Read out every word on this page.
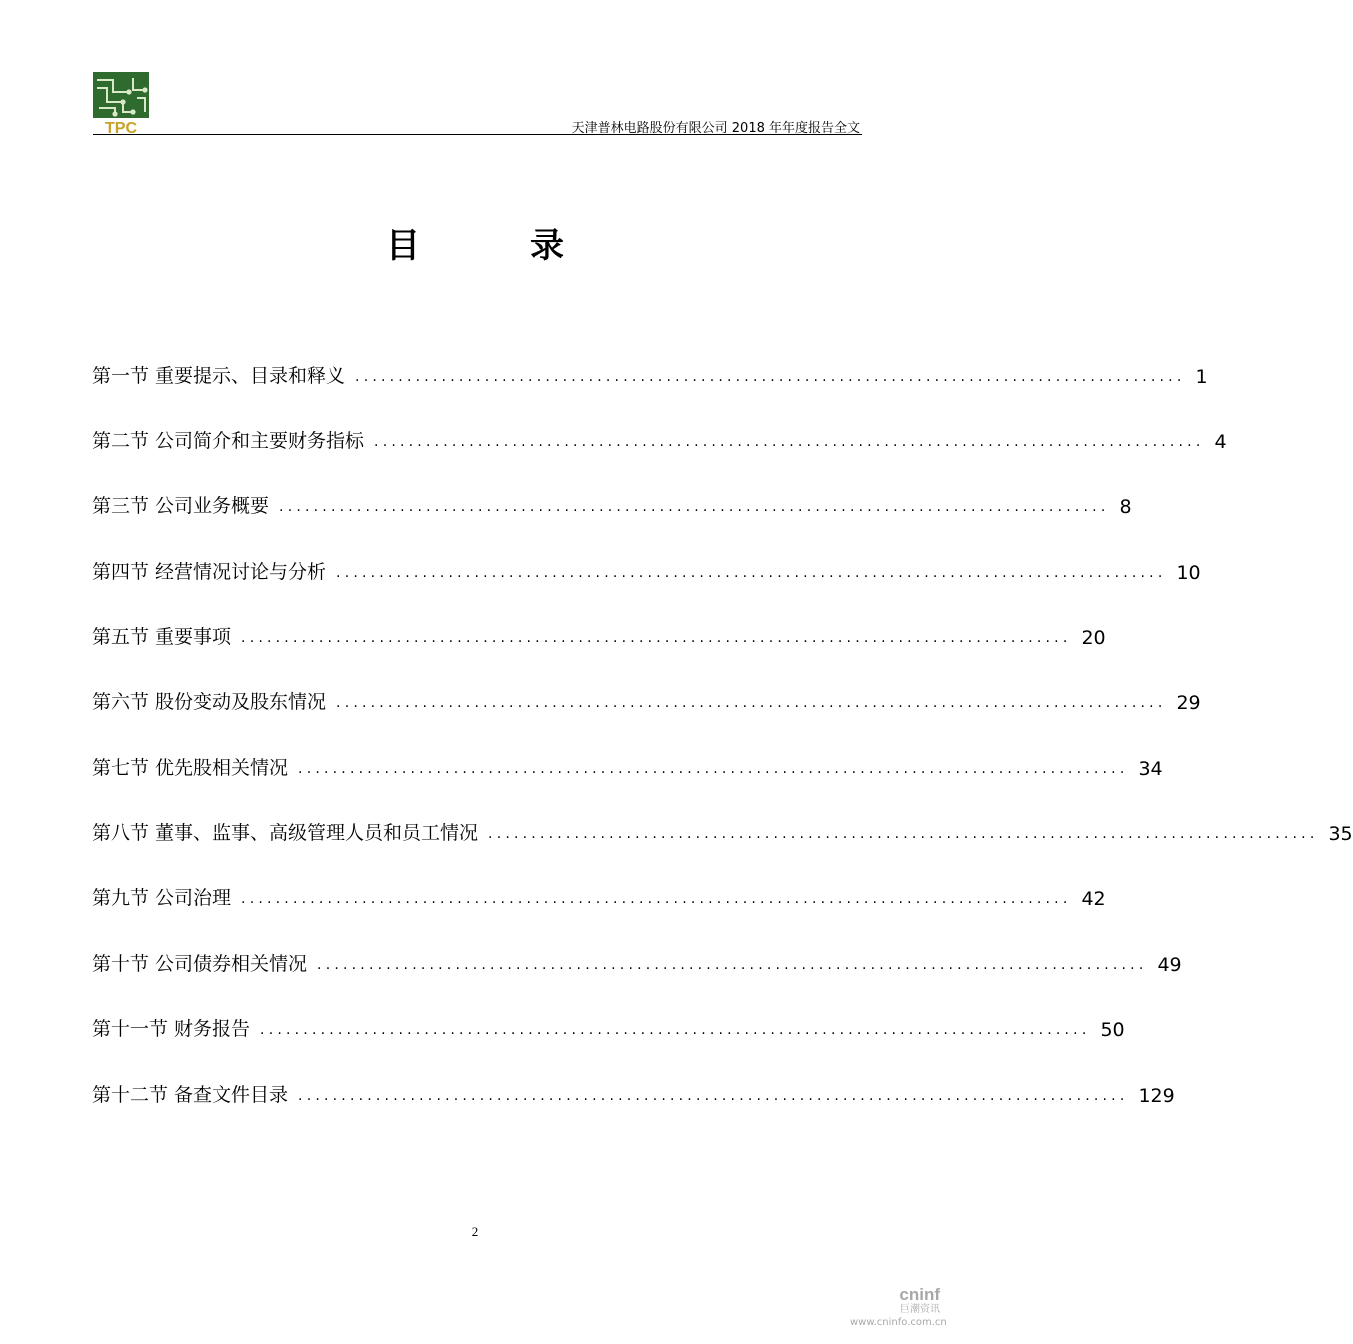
TPC	天津普林电路股份有限公司 2018 年年度报告全文
目	录
第一节 重要提示、目录和释义 ................................................................................................ 1
第二节 公司简介和主要财务指标 ................................................................................................ 4
第三节 公司业务概要 ................................................................................................ 8
第四节 经营情况讨论与分析 ................................................................................................ 10
第五节 重要事项 ................................................................................................ 20
第六节 股份变动及股东情况 ................................................................................................ 29
第七节 优先股相关情况 ................................................................................................ 34
第八节 董事、监事、高级管理人员和员工情况 ................................................................................................ 35
第九节 公司治理 ................................................................................................ 42
第十节 公司债券相关情况 ................................................................................................ 49
第十一节 财务报告 ................................................................................................ 50
第十二节 备查文件目录 ................................................................................................ 129
2
cninf
巨潮资讯
www.cninfo.com.cn
